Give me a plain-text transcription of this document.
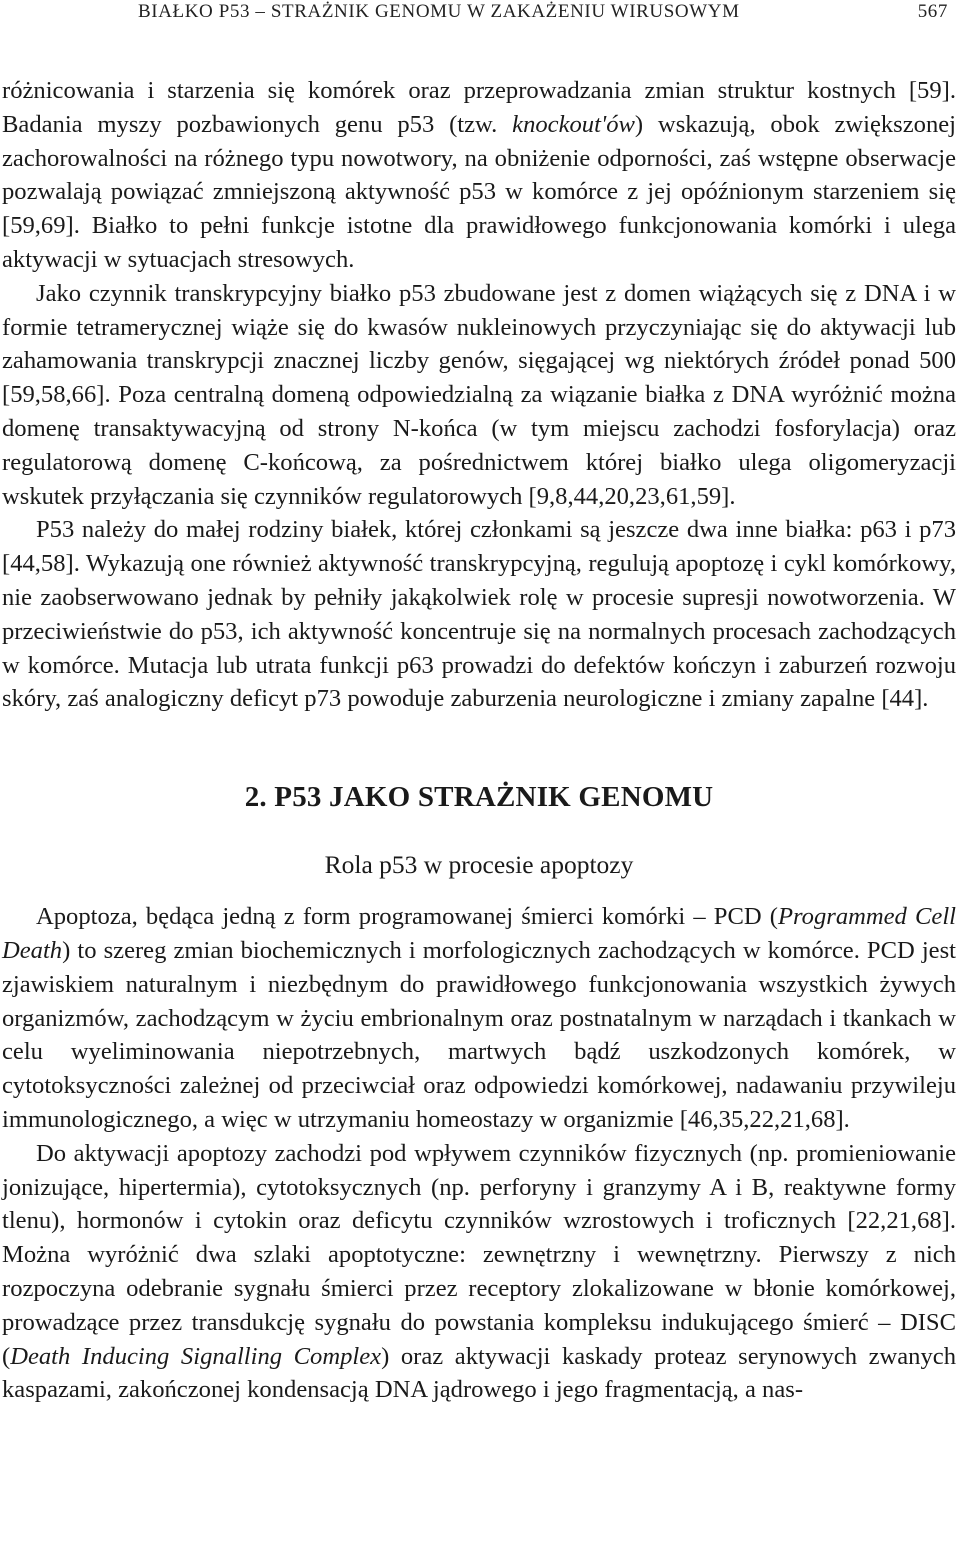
BIAŁKO P53 – STRAŻNIK GENOMU W ZAKAŻENIU WIRUSOWYM	567

różnicowania i starzenia się komórek oraz przeprowadzania zmian struktur kostnych [59]. Badania myszy pozbawionych genu p53 (tzw. knockout'ów) wskazują, obok zwiększonej zachorowalności na różnego typu nowotwory, na obniżenie odporności, zaś wstępne obserwacje pozwalają powiązać zmniejszoną aktywność p53 w komórce z jej opóźnionym starzeniem się [59,69]. Białko to pełni funkcje istotne dla prawidłowego funkcjonowania komórki i ulega aktywacji w sytuacjach stresowych.

Jako czynnik transkrypcyjny białko p53 zbudowane jest z domen wiążących się z DNA i w formie tetramerycznej wiąże się do kwasów nukleinowych przyczyniając się do aktywacji lub zahamowania transkrypcji znacznej liczby genów, sięgającej wg niektórych źródeł ponad 500 [59,58,66]. Poza centralną domeną odpowiedzialną za wiązanie białka z DNA wyróżnić można domenę transaktywacyjną od strony N-końca (w tym miejscu zachodzi fosforylacja) oraz regulatorową domenę C-końcową, za pośrednictwem której białko ulega oligomeryzacji wskutek przyłączania się czynników regulatorowych [9,8,44,20,23,61,59].

P53 należy do małej rodziny białek, której członkami są jeszcze dwa inne białka: p63 i p73 [44,58]. Wykazują one również aktywność transkrypcyjną, regulują apoptozę i cykl komórkowy, nie zaobserwowano jednak by pełniły jakąkolwiek rolę w procesie supresji nowotworzenia. W przeciwieństwie do p53, ich aktywność koncentruje się na normalnych procesach zachodzących w komórce. Mutacja lub utrata funkcji p63 prowadzi do defektów kończyn i zaburzeń rozwoju skóry, zaś analogiczny deficyt p73 powoduje zaburzenia neurologiczne i zmiany zapalne [44].

2. P53 JAKO STRAŻNIK GENOMU
Rola p53 w procesie apoptozy

Apoptoza, będąca jedną z form programowanej śmierci komórki – PCD (Programmed Cell Death) to szereg zmian biochemicznych i morfologicznych zachodzących w komórce. PCD jest zjawiskiem naturalnym i niezbędnym do prawidłowego funkcjonowania wszystkich żywych organizmów, zachodzącym w życiu embrionalnym oraz postnatalnym w narządach i tkankach w celu wyeliminowania niepotrzebnych, martwych bądź uszkodzonych komórek, w cytotoksyczności zależnej od przeciwciał oraz odpowiedzi komórkowej, nadawaniu przywileju immunologicznego, a więc w utrzymaniu homeostazy w organizmie [46,35,22,21,68].

Do aktywacji apoptozy zachodzi pod wpływem czynników fizycznych (np. promieniowanie jonizujące, hipertermia), cytotoksycznych (np. perforyny i granzymy A i B, reaktywne formy tlenu), hormonów i cytokin oraz deficytu czynników wzrostowych i troficznych [22,21,68]. Można wyróżnić dwa szlaki apoptotyczne: zewnętrzny i wewnętrzny. Pierwszy z nich rozpoczyna odebranie sygnału śmierci przez receptory zlokalizowane w błonie komórkowej, prowadzące przez transdukcję sygnału do powstania kompleksu indukującego śmierć – DISC (Death Inducing Signalling Complex) oraz aktywacji kaskady proteaz serynowych zwanych kaspazami, zakończonej kondensacją DNA jądrowego i jego fragmentacją, a nas-
